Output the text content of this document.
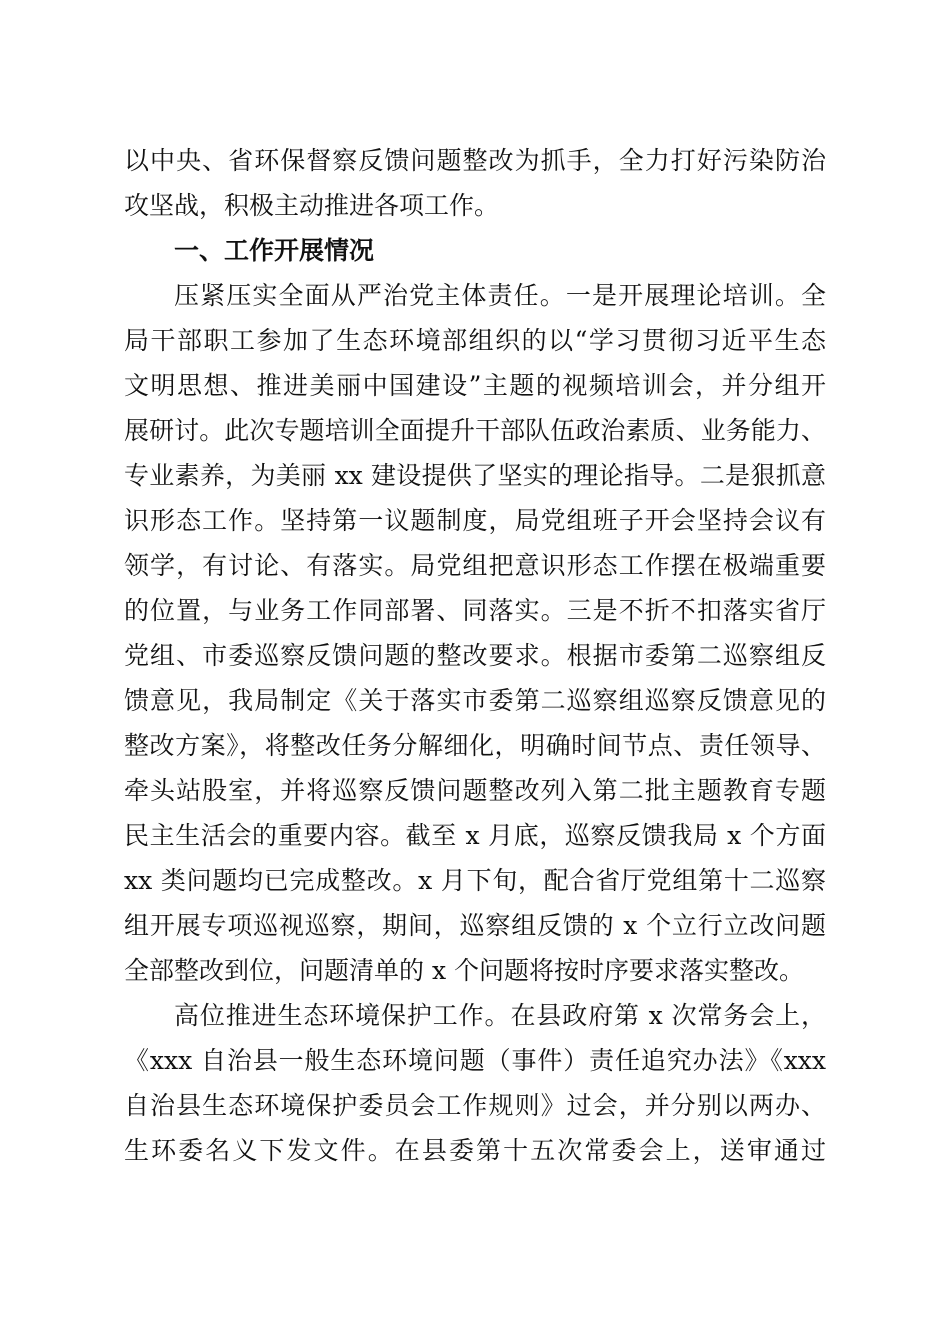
以中央、省环保督察反馈问题整改为抓手，全力打好污染防治
攻坚战，积极主动推进各项工作。
一、工作开展情况
压紧压实全面从严治党主体责任。一是开展理论培训。全
局干部职工参加了生态环境部组织的以“学习贯彻习近平生态
文明思想、推进美丽中国建设”主题的视频培训会，并分组开
展研讨。此次专题培训全面提升干部队伍政治素质、业务能力、
专业素养，为美丽 xx 建设提供了坚实的理论指导。二是狠抓意
识形态工作。坚持第一议题制度，局党组班子开会坚持会议有
领学，有讨论、有落实。局党组把意识形态工作摆在极端重要
的位置，与业务工作同部署、同落实。三是不折不扣落实省厅
党组、市委巡察反馈问题的整改要求。根据市委第二巡察组反
馈意见，我局制定《关于落实市委第二巡察组巡察反馈意见的
整改方案》，将整改任务分解细化，明确时间节点、责任领导、
牵头站股室，并将巡察反馈问题整改列入第二批主题教育专题
民主生活会的重要内容。截至 x 月底，巡察反馈我局 x 个方面
xx 类问题均已完成整改。x 月下旬，配合省厅党组第十二巡察
组开展专项巡视巡察，期间，巡察组反馈的 x 个立行立改问题
全部整改到位，问题清单的 x 个问题将按时序要求落实整改。
高位推进生态环境保护工作。在县政府第 x 次常务会上，
《xxx 自治县一般生态环境问题（事件）责任追究办法》《xxx
自治县生态环境保护委员会工作规则》过会，并分别以两办、
生环委名义下发文件。在县委第十五次常委会上，送审通过
